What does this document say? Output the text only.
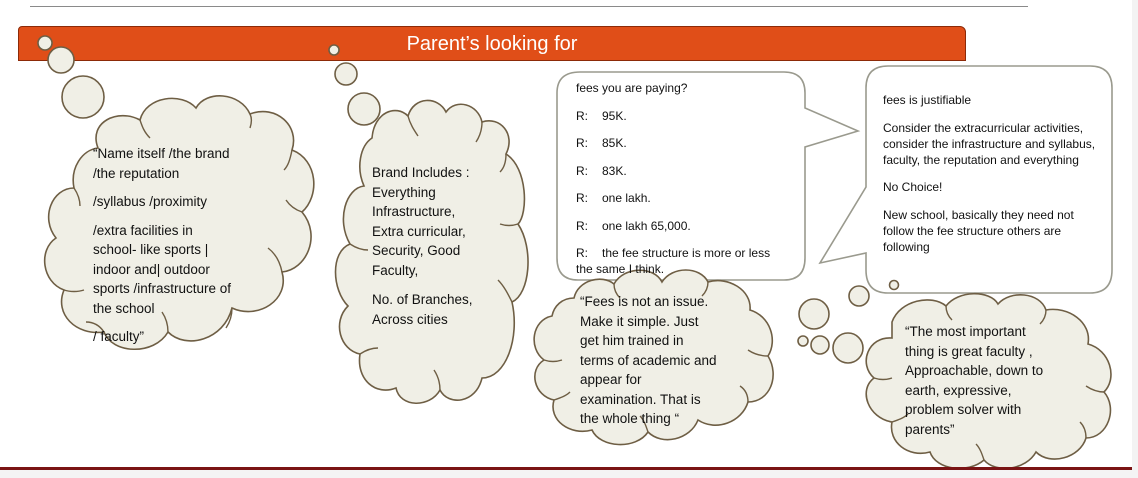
Parent’s looking for

“Name itself /the brand

/the reputation

/syllabus /proximity

/extra facilities in

school- like sports |

indoor and| outdoor

sports /infrastructure of

the school

/ faculty”

Brand Includes :

Everything

Infrastructure,

Extra curricular,

Security, Good

Faculty,

No. of Branches,

Across cities

fees you are paying?

R: 95K.

R: 85K.

R: 83K.

R: one lakh.

R: one lakh 65,000.

R: the fee structure is more or less

the same I think.

fees is justifiable

Consider the extracurricular activities, consider the infrastructure and syllabus, faculty, the reputation and everything

No Choice!

New school, basically they need not follow the fee structure others are following

“Fees is not an issue.

Make it simple. Just

get him trained in

terms of academic and

appear for

examination. That is

the whole thing “

“The most important

thing is great faculty ,

Approachable, down to

earth, expressive,

problem solver with

parents”
